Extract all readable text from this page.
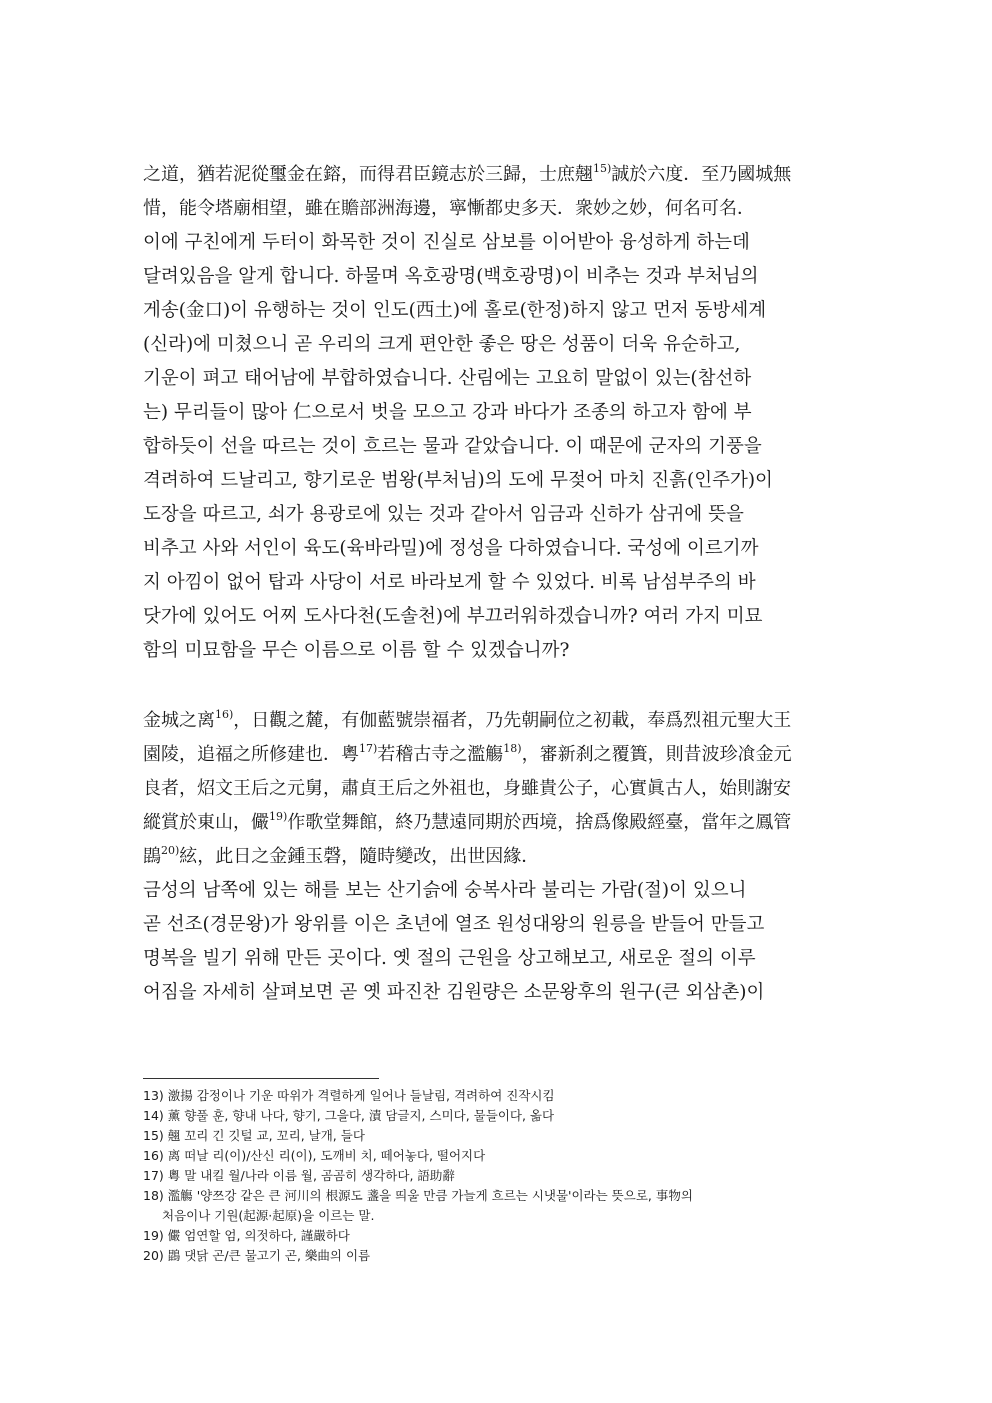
之道，猶若泥從璽金在鎔，而得君臣鏡志於三歸，士庶翹$^{15)}$誠於六度．至乃國城無
惜，能令塔廟相望，雖在贍部洲海邊，寧慚都史多天．衆妙之妙，何名可名．
이에 구친에게 두터이 화목한 것이 진실로 삼보를 이어받아 융성하게 하는데
달려있음을 알게 합니다. 하물며 옥호광명(백호광명)이 비추는 것과 부처님의
게송(金口)이 유행하는 것이 인도(西土)에 홀로(한정)하지 않고 먼저 동방세계
(신라)에 미쳤으니 곧 우리의 크게 편안한 좋은 땅은 성품이 더욱 유순하고,
기운이 펴고 태어남에 부합하였습니다. 산림에는 고요히 말없이 있는(참선하
는) 무리들이 많아 仁으로서 벗을 모으고 강과 바다가 조종의 하고자 함에 부
합하듯이 선을 따르는 것이 흐르는 물과 같았습니다. 이 때문에 군자의 기풍을
격려하여 드날리고, 향기로운 범왕(부처님)의 도에 무젖어 마치 진흙(인주가)이
도장을 따르고, 쇠가 용광로에 있는 것과 같아서 임금과 신하가 삼귀에 뜻을
비추고 사와 서인이 육도(육바라밀)에 정성을 다하였습니다. 국성에 이르기까
지 아낌이 없어 탑과 사당이 서로 바라보게 할 수 있었다. 비록 남섬부주의 바
닷가에 있어도 어찌 도사다천(도솔천)에 부끄러워하겠습니까? 여러 가지 미묘
함의 미묘함을 무슨 이름으로 이름 할 수 있겠습니까?
金城之离$^{16)}$，日觀之麓，有伽藍號崇福者，乃先朝嗣位之初載，奉爲烈祖元聖大王
園陵，追福之所修建也．粵$^{17)}$若稽古寺之濫觴$^{18)}$，審新刹之覆簣，則昔波珍飡金元
良者，炤文王后之元舅，肅貞王后之外祖也，身雖貴公子，心實眞古人，始則謝安
縱賞於東山，儼$^{19)}$作歌堂舞館，終乃慧遠同期於西境，捨爲像殿經臺，當年之鳳管
鵾$^{20)}$絃，此日之金鍾玉磬，隨時變改，出世因緣．
금성의 남쪽에 있는 해를 보는 산기슭에 숭복사라 불리는 가람(절)이 있으니
곧 선조(경문왕)가 왕위를 이은 초년에 열조 원성대왕의 원릉을 받들어 만들고
명복을 빌기 위해 만든 곳이다. 옛 절의 근원을 상고해보고, 새로운 절의 이루
어짐을 자세히 살펴보면 곧 옛 파진찬 김원량은 소문왕후의 원구(큰 외삼촌)이
13) 激揚 감정이나 기운 따위가 격렬하게 일어나 들날림, 격려하여 진작시킴
14) 薰 향풀 훈, 향내 나다, 향기, 그을다, 漬 담글지, 스미다, 물들이다, 옮다
15) 翹 꼬리 긴 깃털 교, 꼬리, 날개, 들다
16) 离 떠날 리(이)/산신 리(이), 도깨비 치, 떼어놓다, 떨어지다
17) 粵 말 내킬 월/나라 이름 월, 곰곰히 생각하다, 語助辭
18) 濫觴 '양쯔강 같은 큰 河川의 根源도 盞을 띄울 만큼 가늘게 흐르는 시냇물'이라는 뜻으로, 事物의
처음이나 기원(起源·起原)을 이르는 말.
19) 儼 엄연할 엄, 의젓하다, 謹嚴하다
20) 鵾 댓닭 곤/큰 물고기 곤, 樂曲의 이름
